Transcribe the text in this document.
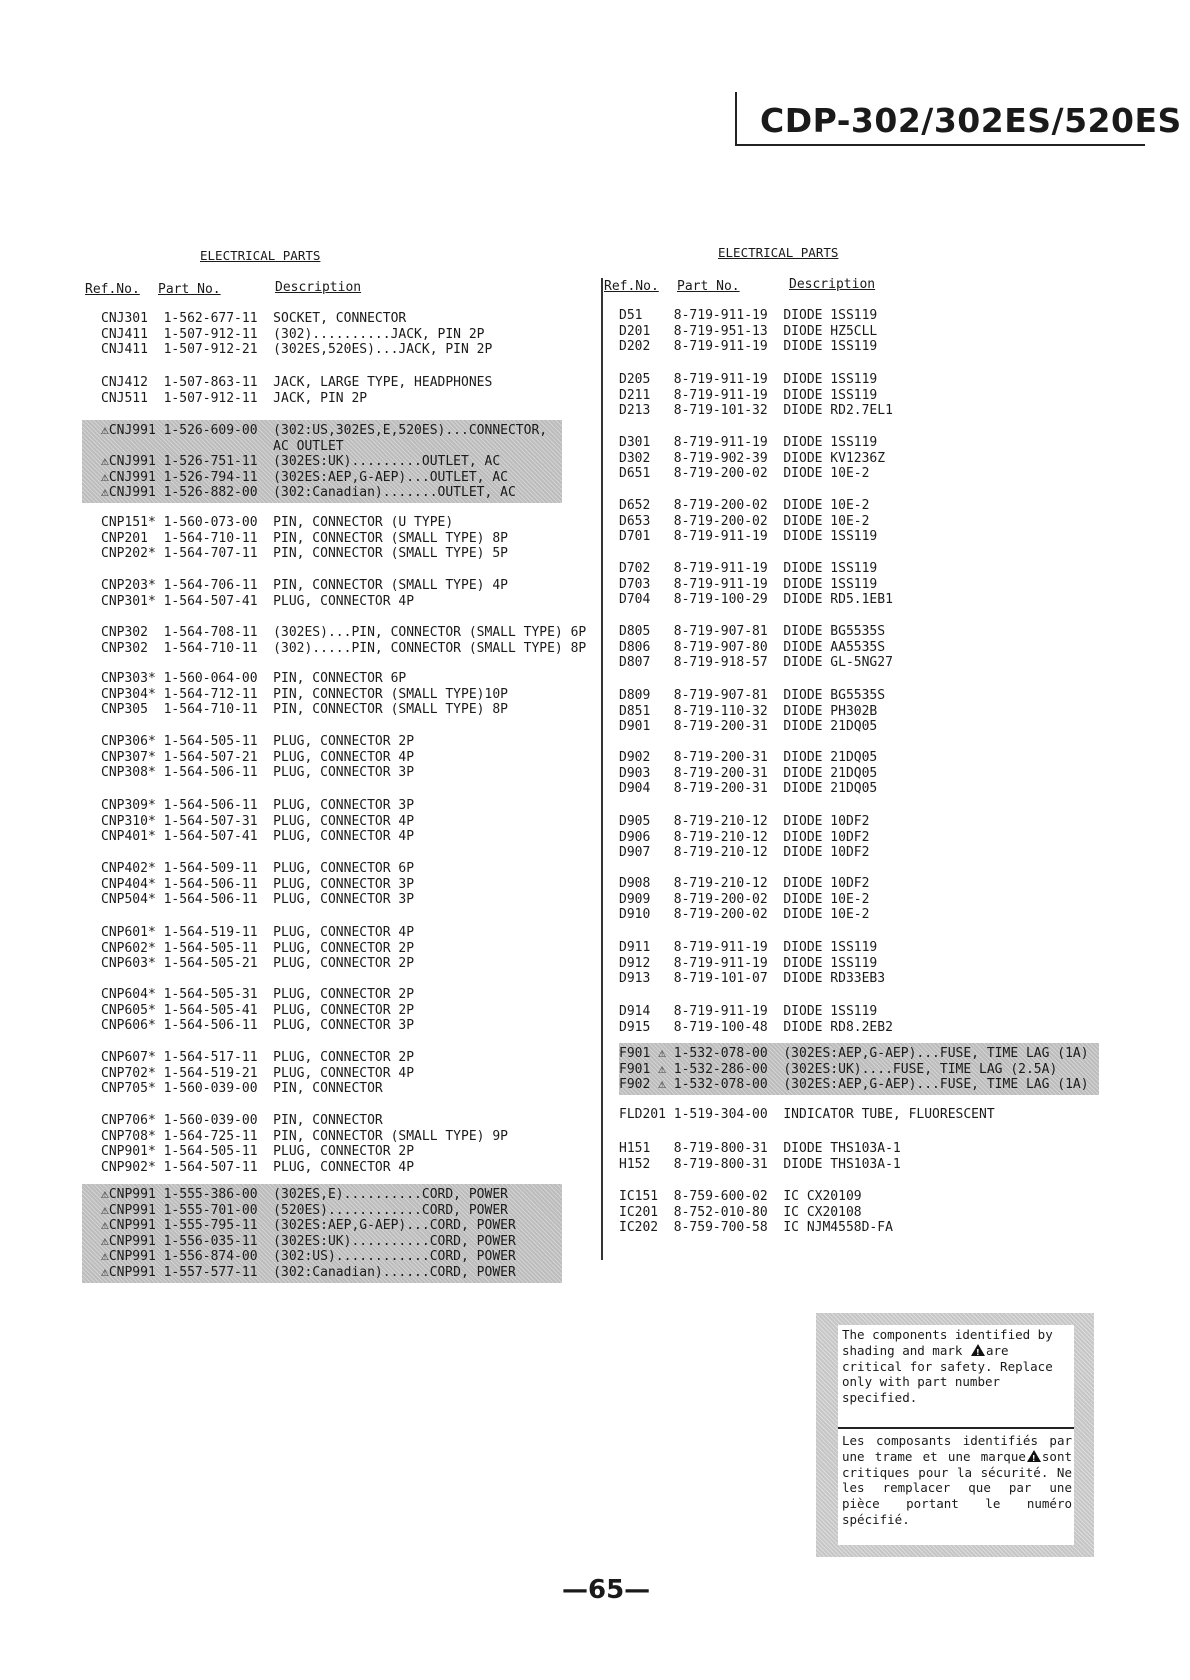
CDP-302/302ES/520ES
ELECTRICAL PARTS
Ref.No. Part No.	Description
ELECTRICAL PARTS
Ref.No. Part No.	Description
CNJ301	1-562-677-11	SOCKET, CONNECTOR
CNJ411	1-507-912-11	(302)..........JACK, PIN 2P
CNJ411	1-507-912-21	(302ES,520ES)...JACK, PIN 2P
CNJ412	1-507-863-11	JACK, LARGE TYPE, HEADPHONES
CNJ511	1-507-912-11	JACK, PIN 2P
⚠CNJ991 1-526-609-00	(302:US,302ES,E,520ES)...CONNECTOR,
AC OUTLET
⚠CNJ991 1-526-751-11	(302ES:UK).........OUTLET, AC
⚠CNJ991 1-526-794-11	(302ES:AEP,G-AEP)...OUTLET, AC
⚠CNJ991 1-526-882-00	(302:Canadian).......OUTLET, AC
CNP151* 1-560-073-00	PIN, CONNECTOR (U TYPE)
CNP201	1-564-710-11	PIN, CONNECTOR (SMALL TYPE) 8P
CNP202* 1-564-707-11	PIN, CONNECTOR (SMALL TYPE) 5P
CNP203* 1-564-706-11	PIN, CONNECTOR (SMALL TYPE) 4P
CNP301* 1-564-507-41	PLUG, CONNECTOR 4P
CNP302	1-564-708-11	(302ES)...PIN, CONNECTOR (SMALL TYPE) 6P
CNP302	1-564-710-11	(302).....PIN, CONNECTOR (SMALL TYPE) 8P
CNP303* 1-560-064-00	PIN, CONNECTOR 6P
CNP304* 1-564-712-11	PIN, CONNECTOR (SMALL TYPE)10P
CNP305	1-564-710-11	PIN, CONNECTOR (SMALL TYPE) 8P
CNP306* 1-564-505-11	PLUG, CONNECTOR 2P
CNP307* 1-564-507-21	PLUG, CONNECTOR 4P
CNP308* 1-564-506-11	PLUG, CONNECTOR 3P
CNP309* 1-564-506-11	PLUG, CONNECTOR 3P
CNP310* 1-564-507-31	PLUG, CONNECTOR 4P
CNP401* 1-564-507-41	PLUG, CONNECTOR 4P
CNP402* 1-564-509-11	PLUG, CONNECTOR 6P
CNP404* 1-564-506-11	PLUG, CONNECTOR 3P
CNP504* 1-564-506-11	PLUG, CONNECTOR 3P
CNP601* 1-564-519-11	PLUG, CONNECTOR 4P
CNP602* 1-564-505-11	PLUG, CONNECTOR 2P
CNP603* 1-564-505-21	PLUG, CONNECTOR 2P
CNP604* 1-564-505-31	PLUG, CONNECTOR 2P
CNP605* 1-564-505-41	PLUG, CONNECTOR 2P
CNP606* 1-564-506-11	PLUG, CONNECTOR 3P
CNP607* 1-564-517-11	PLUG, CONNECTOR 2P
CNP702* 1-564-519-21	PLUG, CONNECTOR 4P
CNP705* 1-560-039-00	PIN, CONNECTOR
CNP706* 1-560-039-00	PIN, CONNECTOR
CNP708* 1-564-725-11	PIN, CONNECTOR (SMALL TYPE) 9P
CNP901* 1-564-505-11	PLUG, CONNECTOR 2P
CNP902* 1-564-507-11	PLUG, CONNECTOR 4P
⚠CNP991 1-555-386-00	(302ES,E)..........CORD, POWER
⚠CNP991 1-555-701-00	(520ES)............CORD, POWER
⚠CNP991 1-555-795-11	(302ES:AEP,G-AEP)...CORD, POWER
⚠CNP991 1-556-035-11	(302ES:UK)..........CORD, POWER
⚠CNP991 1-556-874-00	(302:US)............CORD, POWER
⚠CNP991 1-557-577-11	(302:Canadian)......CORD, POWER
D51	8-719-911-19	DIODE 1SS119
D201	8-719-951-13	DIODE HZ5CLL
D202	8-719-911-19	DIODE 1SS119
D205	8-719-911-19	DIODE 1SS119
D211	8-719-911-19	DIODE 1SS119
D213	8-719-101-32	DIODE RD2.7EL1
D301	8-719-911-19	DIODE 1SS119
D302	8-719-902-39	DIODE KV1236Z
D651	8-719-200-02	DIODE 10E-2
D652	8-719-200-02	DIODE 10E-2
D653	8-719-200-02	DIODE 10E-2
D701	8-719-911-19	DIODE 1SS119
D702	8-719-911-19	DIODE 1SS119
D703	8-719-911-19	DIODE 1SS119
D704	8-719-100-29	DIODE RD5.1EB1
D805	8-719-907-81	DIODE BG5535S
D806	8-719-907-80	DIODE AA5535S
D807	8-719-918-57	DIODE GL-5NG27
D809	8-719-907-81	DIODE BG5535S
D851	8-719-110-32	DIODE PH302B
D901	8-719-200-31	DIODE 21DQ05
D902	8-719-200-31	DIODE 21DQ05
D903	8-719-200-31	DIODE 21DQ05
D904	8-719-200-31	DIODE 21DQ05
D905	8-719-210-12	DIODE 10DF2
D906	8-719-210-12	DIODE 10DF2
D907	8-719-210-12	DIODE 10DF2
D908	8-719-210-12	DIODE 10DF2
D909	8-719-200-02	DIODE 10E-2
D910	8-719-200-02	DIODE 10E-2
D911	8-719-911-19	DIODE 1SS119
D912	8-719-911-19	DIODE 1SS119
D913	8-719-101-07	DIODE RD33EB3
D914	8-719-911-19	DIODE 1SS119
D915	8-719-100-48	DIODE RD8.2EB2
F901 ⚠ 1-532-078-00	(302ES:AEP,G-AEP)...FUSE, TIME LAG (1A)
F901 ⚠ 1-532-286-00	(302ES:UK)....FUSE, TIME LAG (2.5A)
F902 ⚠ 1-532-078-00	(302ES:AEP,G-AEP)...FUSE, TIME LAG (1A)
FLD201 1-519-304-00	INDICATOR TUBE, FLUORESCENT
H151	8-719-800-31	DIODE THS103A-1
H152	8-719-800-31	DIODE THS103A-1
IC151	8-759-600-02	IC CX20109
IC201	8-752-010-80	IC CX20108
IC202	8-759-700-58	IC NJM4558D-FA
The components identified by shading and mark ! are critical for safety. Replace only with part number specified.
Les composants identifiés par une trame et une marque ! sont critiques pour la sécurité. Ne les remplacer que par une pièce portant le numéro spécifié.
—65—
